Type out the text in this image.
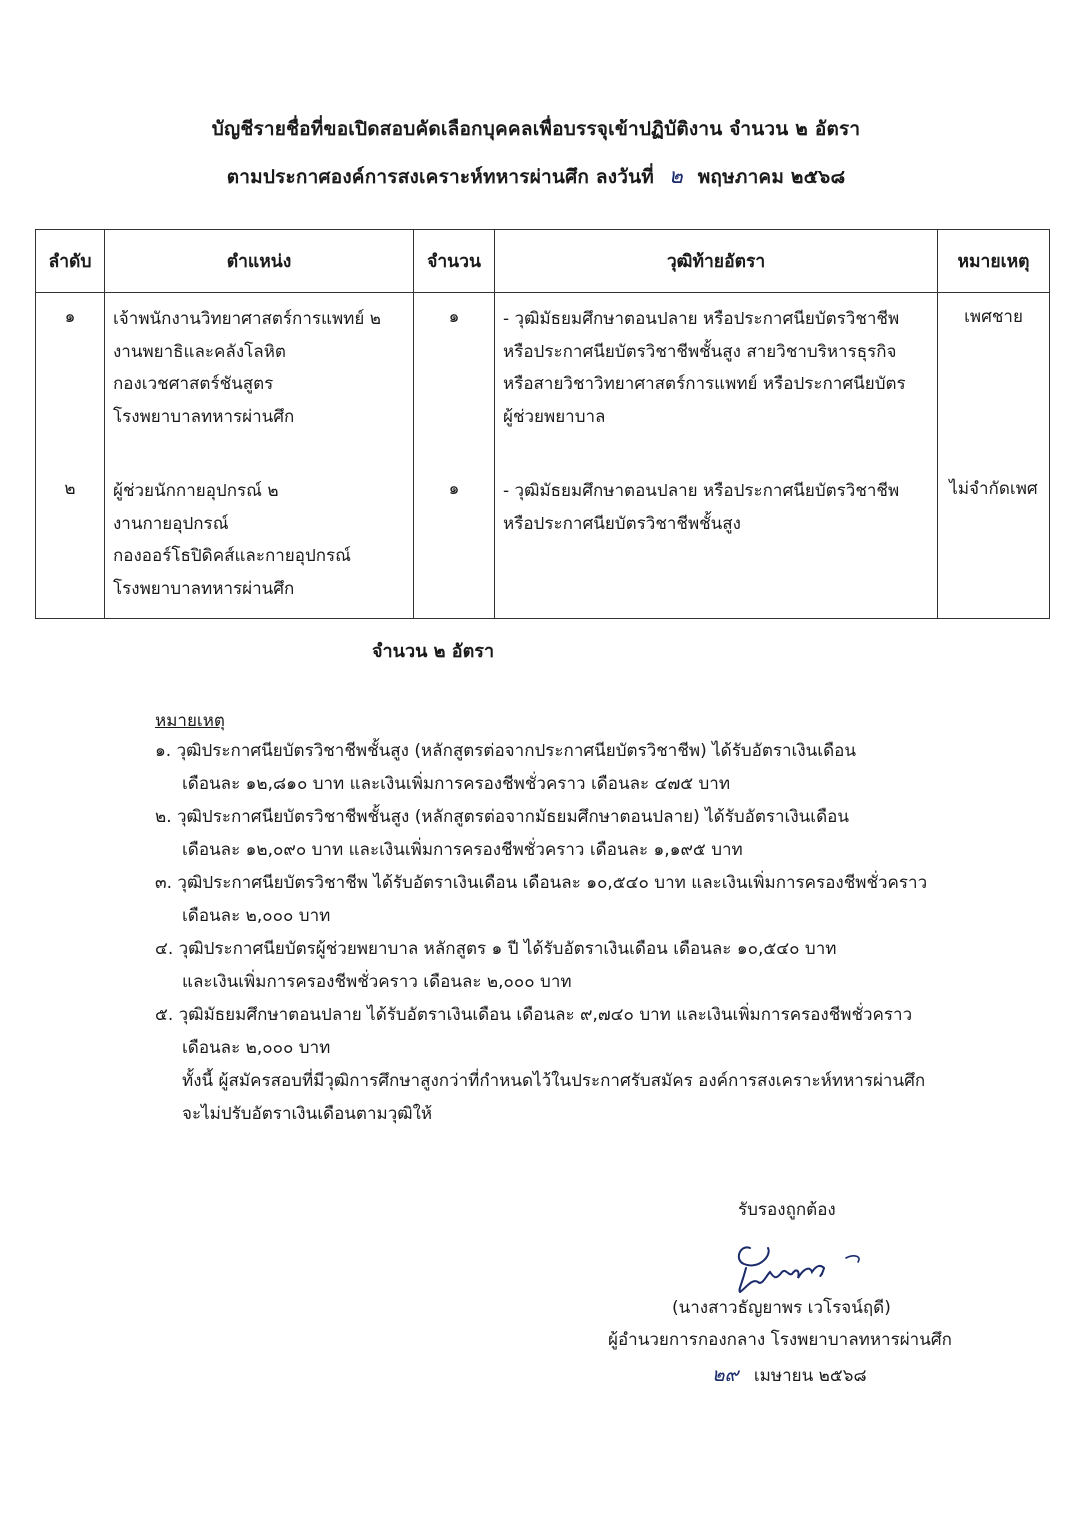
บัญชีรายชื่อที่ขอเปิดสอบคัดเลือกบุคคลเพื่อบรรจุเข้าปฏิบัติงาน จำนวน ๒ อัตรา
ตามประกาศองค์การสงเคราะห์ทหารผ่านศึก ลงวันที่ ๒ พฤษภาคม ๒๕๖๘
ลำดับ	ตำแหน่ง	จำนวน	วุฒิท้ายอัตรา	หมายเหตุ
๑	เจ้าพนักงานวิทยาศาสตร์การแพทย์ ๒
งานพยาธิและคลังโลหิต
กองเวชศาสตร์ชันสูตร
โรงพยาบาลทหารผ่านศึก	๑	- วุฒิมัธยมศึกษาตอนปลาย หรือประกาศนียบัตรวิชาชีพ
หรือประกาศนียบัตรวิชาชีพชั้นสูง สายวิชาบริหารธุรกิจ
หรือสายวิชาวิทยาศาสตร์การแพทย์ หรือประกาศนียบัตร
ผู้ช่วยพยาบาล	เพศชาย
๒	ผู้ช่วยนักกายอุปกรณ์ ๒
งานกายอุปกรณ์
กองออร์โธปิดิคส์และกายอุปกรณ์
โรงพยาบาลทหารผ่านศึก	๑	- วุฒิมัธยมศึกษาตอนปลาย หรือประกาศนียบัตรวิชาชีพ
หรือประกาศนียบัตรวิชาชีพชั้นสูง	ไม่จำกัดเพศ
จำนวน ๒ อัตรา
หมายเหตุ
๑. วุฒิประกาศนียบัตรวิชาชีพชั้นสูง (หลักสูตรต่อจากประกาศนียบัตรวิชาชีพ) ได้รับอัตราเงินเดือน
เดือนละ ๑๒,๘๑๐ บาท และเงินเพิ่มการครองชีพชั่วคราว เดือนละ ๔๗๕ บาท
๒. วุฒิประกาศนียบัตรวิชาชีพชั้นสูง (หลักสูตรต่อจากมัธยมศึกษาตอนปลาย) ได้รับอัตราเงินเดือน
เดือนละ ๑๒,๐๙๐ บาท และเงินเพิ่มการครองชีพชั่วคราว เดือนละ ๑,๑๙๕ บาท
๓. วุฒิประกาศนียบัตรวิชาชีพ ได้รับอัตราเงินเดือน เดือนละ ๑๐,๕๔๐ บาท และเงินเพิ่มการครองชีพชั่วคราว
เดือนละ ๒,๐๐๐ บาท
๔. วุฒิประกาศนียบัตรผู้ช่วยพยาบาล หลักสูตร ๑ ปี ได้รับอัตราเงินเดือน เดือนละ ๑๐,๕๔๐ บาท
และเงินเพิ่มการครองชีพชั่วคราว เดือนละ ๒,๐๐๐ บาท
๕. วุฒิมัธยมศึกษาตอนปลาย ได้รับอัตราเงินเดือน เดือนละ ๙,๗๔๐ บาท และเงินเพิ่มการครองชีพชั่วคราว
เดือนละ ๒,๐๐๐ บาท
ทั้งนี้ ผู้สมัครสอบที่มีวุฒิการศึกษาสูงกว่าที่กำหนดไว้ในประกาศรับสมัคร องค์การสงเคราะห์ทหารผ่านศึก
จะไม่ปรับอัตราเงินเดือนตามวุฒิให้
รับรองถูกต้อง
(นางสาวธัญยาพร เวโรจน์ฤดี)
ผู้อำนวยการกองกลาง โรงพยาบาลทหารผ่านศึก
๒๙ เมษายน ๒๕๖๘
